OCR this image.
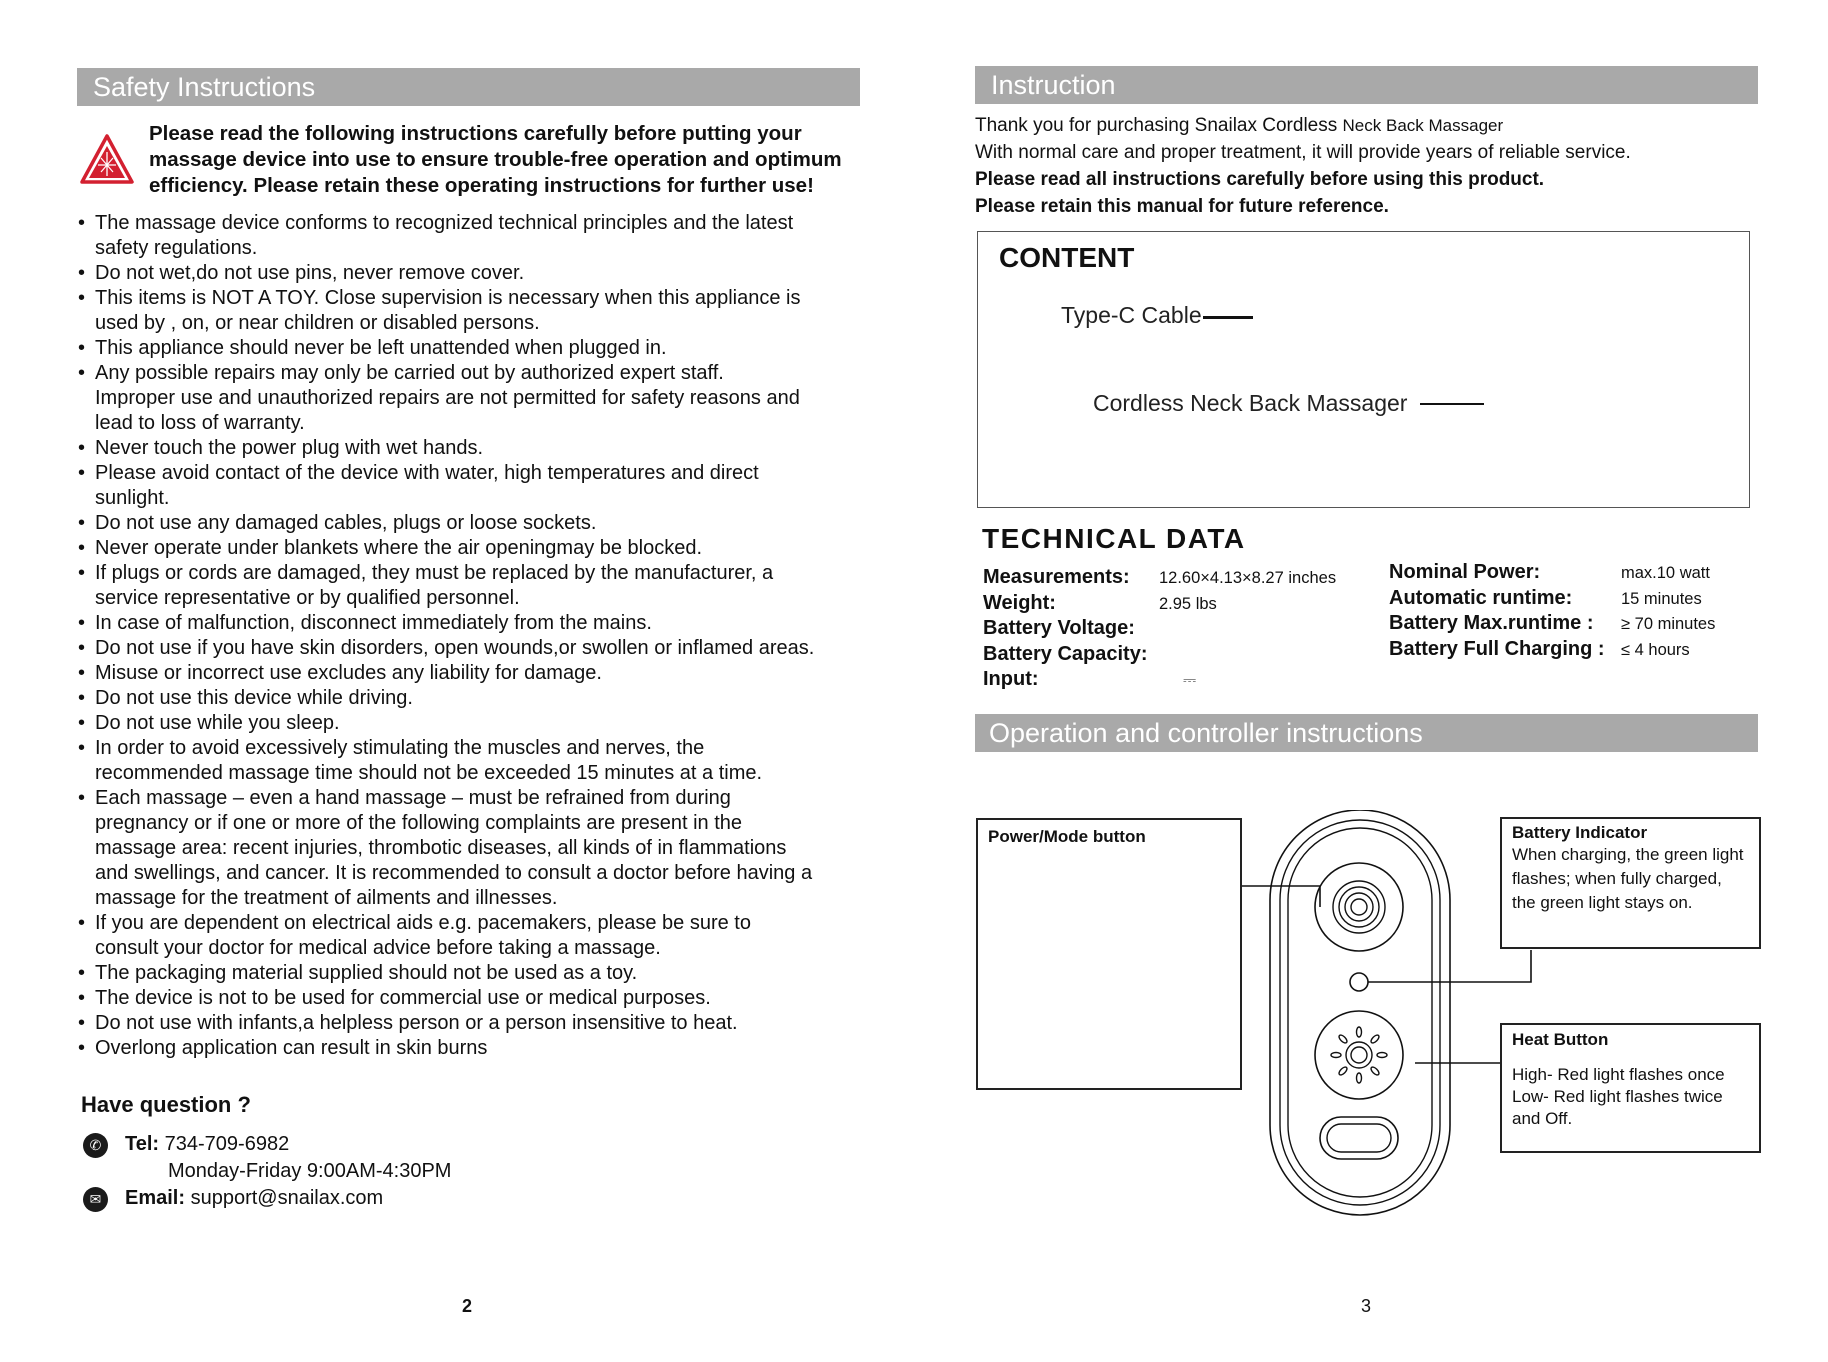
Safety Instructions
Please read the following instructions carefully before putting your massage device into use to ensure trouble-free operation and optimum efficiency. Please retain these operating instructions for further use!
• The massage device conforms to recognized technical principles and the latest
safety regulations.
• Do not wet,do not use pins, never remove cover.
• This items is NOT A TOY. Close supervision is necessary when this appliance is
used by , on, or near children or disabled persons.
• This appliance should never be left unattended when plugged in.
• Any possible repairs may only be carried out by authorized expert staff.
Improper use and unauthorized repairs are not permitted for safety reasons and
lead to loss of warranty.
• Never touch the power plug with wet hands.
• Please avoid contact of the device with water, high temperatures and direct
sunlight.
• Do not use any damaged cables, plugs or loose sockets.
• Never operate under blankets where the air openingmay be blocked.
• If plugs or cords are damaged, they must be replaced by the manufacturer, a
service representative or by qualified personnel.
• In case of malfunction, disconnect immediately from the mains.
• Do not use if you have skin disorders, open wounds,or swollen or inflamed areas.
• Misuse or incorrect use excludes any liability for damage.
• Do not use this device while driving.
• Do not use while you sleep.
• In order to avoid excessively stimulating the muscles and nerves, the
recommended massage time should not be exceeded 15 minutes at a time.
• Each massage – even a hand massage – must be refrained from during
pregnancy or if one or more of the following complaints are present in the
massage area: recent injuries, thrombotic diseases, all kinds of in flammations
and swellings, and cancer. It is recommended to consult a doctor before having a
massage for the treatment of ailments and illnesses.
• If you are dependent on electrical aids e.g. pacemakers, please be sure to
consult your doctor for medical advice before taking a massage.
• The packaging material supplied should not be used as a toy.
• The device is not to be used for commercial use or medical purposes.
• Do not use with infants,a helpless person or a person insensitive to heat.
• Overlong application can result in skin burns
Have question ?
✆	Tel: 734-709-6982
Monday-Friday 9:00AM-4:30PM
✉	Email: support@snailax.com
2
Instruction
Thank you for purchasing Snailax Cordless Neck Back Massager
With normal care and proper treatment, it will provide years of reliable service.
Please read all instructions carefully before using this product.
Please retain this manual for future reference.
CONTENT
Type-C Cable
Cordless Neck Back Massager
TECHNICAL DATA
Measurements: 12.60×4.13×8.27 inches
Weight:	2.95 lbs
Battery Voltage:
Battery Capacity:
Input:	⎓
Nominal Power:	max.10 watt
Automatic runtime:	15 minutes
Battery Max.runtime : ≥ 70 minutes
Battery Full Charging : ≤ 4 hours
Operation and controller instructions
Power/Mode button	Battery Indicator
When charging, the green light flashes; when fully charged, the green light stays on.
Heat Button
High- Red light flashes once Low- Red light flashes twice and Off.
3
